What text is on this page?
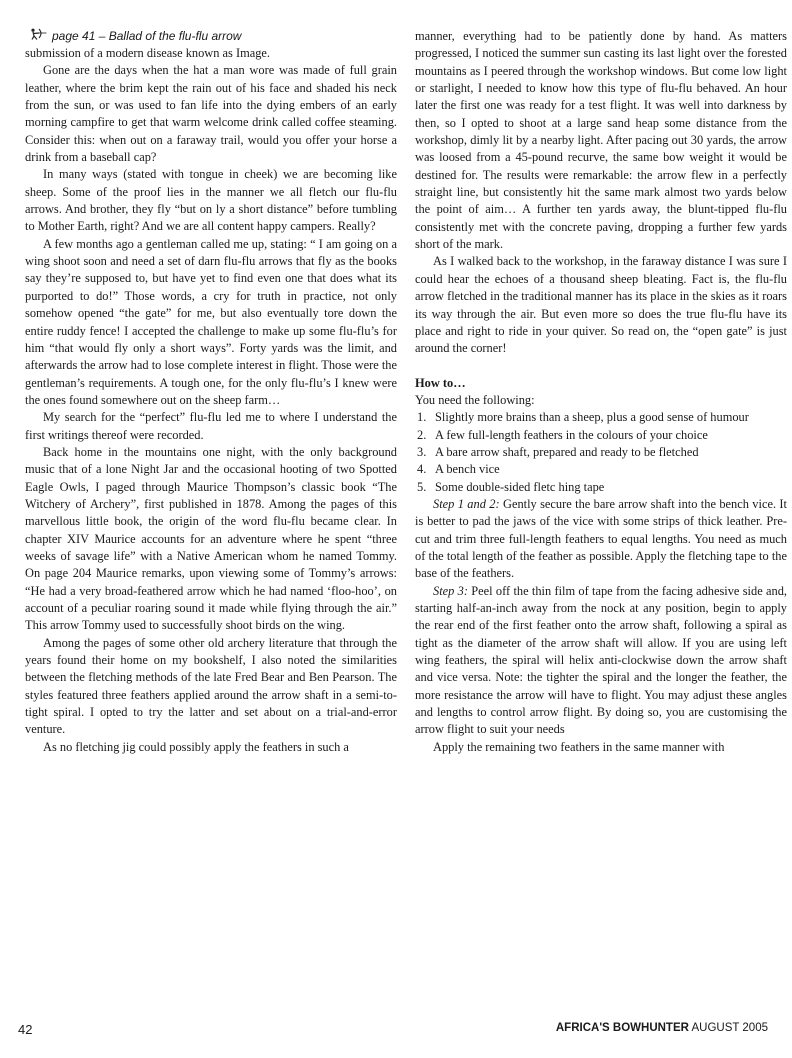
page 41 – Ballad of the flu-flu arrow

submission of a modern disease known as Image.

Gone are the days when the hat a man wore was made of full grain leather, where the brim kept the rain out of his face and shaded his neck from the sun, or was used to fan life into the dying embers of an early morning campfire to get that warm welcome drink called coffee steaming. Consider this: when out on a faraway trail, would you offer your horse a drink from a baseball cap?

In many ways (stated with tongue in cheek) we are becoming like sheep. Some of the proof lies in the manner we all fletch our flu-flu arrows. And brother, they fly “but on ly a short distance” before tumbling to Mother Earth, right? And we are all content happy campers. Really?

A few months ago a gentleman called me up, stating: “ I am going on a wing shoot soon and need a set of darn flu-flu arrows that fly as the books say they’re supposed to, but have yet to find even one that does what its purported to do!” Those words, a cry for truth in practice, not only somehow opened “the gate” for me, but also eventually tore down the entire ruddy fence! I accepted the challenge to make up some flu-flu’s for him “that would fly only a short ways”. Forty yards was the limit, and afterwards the arrow had to lose complete interest in flight. Those were the gentleman’s requirements. A tough one, for the only flu-flu’s I knew were the ones found somewhere out on the sheep farm…

My search for the “perfect” flu-flu led me to where I understand the first writings thereof were recorded.

Back home in the mountains one night, with the only background music that of a lone Night Jar and the occasional hooting of two Spotted Eagle Owls, I paged through Maurice Thompson’s classic book “The Witchery of Archery”, first published in 1878. Among the pages of this marvellous little book, the origin of the word flu-flu became clear. In chapter XIV Maurice accounts for an adventure where he spent “three weeks of savage life” with a Native American whom he named Tommy. On page 204 Maurice remarks, upon viewing some of Tommy’s arrows: “He had a very broad-feathered arrow which he had named ‘floo-hoo’, on account of a peculiar roaring sound it made while flying through the air.” This arrow Tommy used to successfully shoot birds on the wing.

Among the pages of some other old archery literature that through the years found their home on my bookshelf, I also noted the similarities between the fletching methods of the late Fred Bear and Ben Pearson. The styles featured three feathers applied around the arrow shaft in a semi-to-tight spiral. I opted to try the latter and set about on a trial-and-error venture.

As no fletching jig could possibly apply the feathers in such a

manner, everything had to be patiently done by hand. As matters progressed, I noticed the summer sun casting its last light over the forested mountains as I peered through the workshop windows. But come low light or starlight, I needed to know how this type of flu-flu behaved. An hour later the first one was ready for a test flight. It was well into darkness by then, so I opted to shoot at a large sand heap some distance from the workshop, dimly lit by a nearby light. After pacing out 30 yards, the arrow was loosed from a 45-pound recurve, the same bow weight it would be destined for. The results were remarkable: the arrow flew in a perfectly straight line, but consistently hit the same mark almost two yards below the point of aim… A further ten yards away, the blunt-tipped flu-flu consistently met with the concrete paving, dropping a further few yards short of the mark.

As I walked back to the workshop, in the faraway distance I was sure I could hear the echoes of a thousand sheep bleating. Fact is, the flu-flu arrow fletched in the traditional manner has its place in the skies as it roars its way through the air. But even more so does the true flu-flu have its place and right to ride in your quiver. So read on, the “open gate” is just around the corner!

How to…

You need the following:

1. Slightly more brains than a sheep, plus a good sense of humour
2. A few full-length feathers in the colours of your choice
3. A bare arrow shaft, prepared and ready to be fletched
4. A bench vice
5. Some double-sided fletc hing tape

Step 1 and 2: Gently secure the bare arrow shaft into the bench vice. It is better to pad the jaws of the vice with some strips of thick leather. Pre-cut and trim three full-length feathers to equal lengths. You need as much of the total length of the feather as possible. Apply the fletching tape to the base of the feathers.

Step 3: Peel off the thin film of tape from the facing adhesive side and, starting half-an-inch away from the nock at any position, begin to apply the rear end of the first feather onto the arrow shaft, following a spiral as tight as the diameter of the arrow shaft will allow. If you are using left wing feathers, the spiral will helix anti-clockwise down the arrow shaft and vice versa. Note: the tighter the spiral and the longer the feather, the more resistance the arrow will have to flight. You may adjust these angles and lengths to control arrow flight. By doing so, you are customising the arrow flight to suit your needs

Apply the remaining two feathers in the same manner with

42	AFRICA'S BOWHUNTER AUGUST 2005
